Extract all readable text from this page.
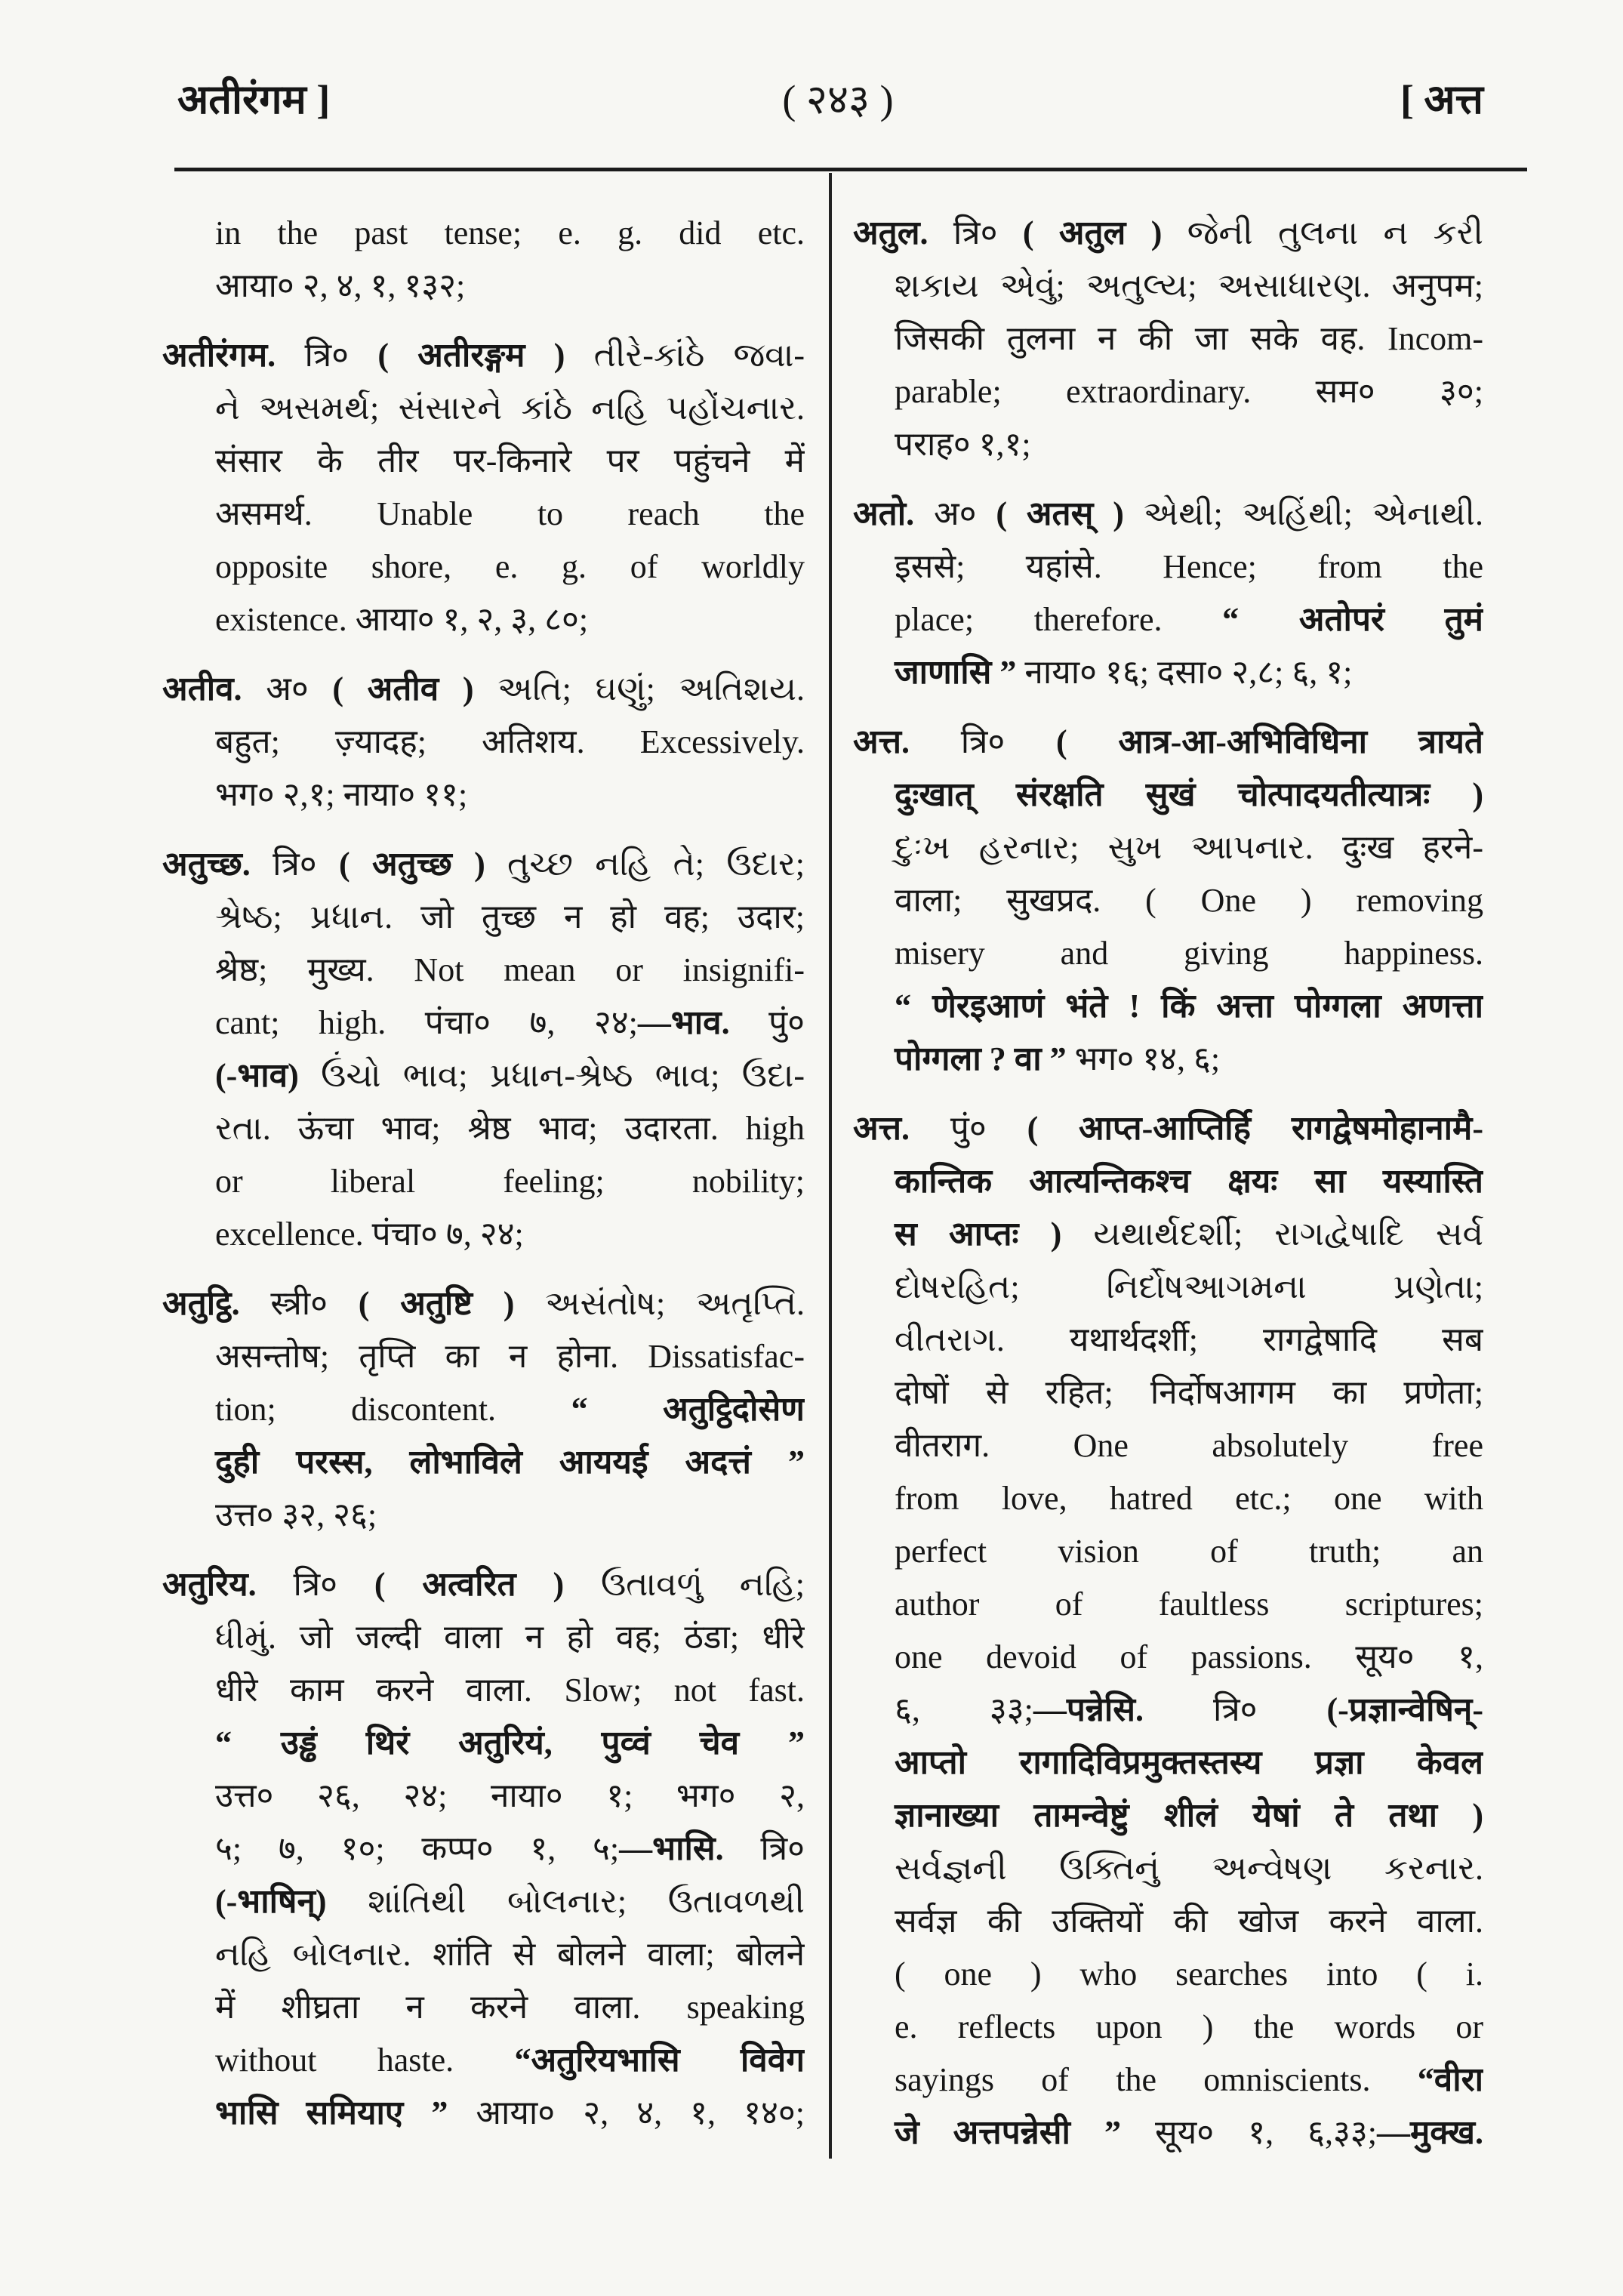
अतीरंगम ]	( २४३ )	[ अत्त
in the past tense; e. g. did etc.
आया० २, ४, १, १३२;
अतीरंगम. त्रि० ( अतीरङ्गम ) તીરે-કાંઠે જવા-
ને અસમર્થ; સંસારને કાંઠે નહિ પહોંચનાર.
संसार के तीर पर-किनारे पर पहुंचने में
असमर्थ. Unable to reach the
opposite shore, e. g. of worldly
existence. आया० १, २, ३, ८०;
अतीव. अ० ( अतीव ) અતિ; ઘણું; અતિશય.
बहुत; ज़्यादह; अतिशय. Excessively.
भग० २,१; नाया० ११;
अतुच्छ. त्रि० ( अतुच्छ ) તુચ્છ નહિ તે; ઉદાર;
શ્રેષ્ઠ; પ્રધાન. जो तुच्छ न हो वह; उदार;
श्रेष्ठ; मुख्य. Not mean or insignifi-
cant; high. पंचा० ७, २४;—भाव. पुं०
(-भाव) ઉંચો ભાવ; પ્રધાન-શ્રેષ્ઠ ભાવ; ઉદા-
રતા. ऊंचा भाव; श्रेष्ठ भाव; उदारता. high
or liberal feeling; nobility;
excellence. पंचा० ७, २४;
अतुट्ठि. स्त्री० ( अतुष्टि ) અસંતોષ; અતૃપ્તિ.
असन्तोष; तृप्ति का न होना. Dissatisfac-
tion; discontent. “ अतुट्ठिदोसेण
दुही परस्स, लोभाविले आययई अदत्तं ”
उत्त० ३२, २६;
अतुरिय. त्रि० ( अत्वरित ) ઉતાવળું નહિ;
ધીમું. जो जल्दी वाला न हो वह; ठंडा; धीरे
धीरे काम करने वाला. Slow; not fast.
“ उड्ढं थिरं अतुरियं, पुव्वं चेव ”
उत्त० २६, २४; नाया० १; भग० २,
५; ७, १०; कप्प० १, ५;—भासि. त्रि०
(-भाषिन्) શાંતિથી બોલનાર; ઉતાવળથી
નહિ બોલનાર. शांति से बोलने वाला; बोलने
में शीघ्रता न करने वाला. speaking
without haste. “अतुरियभासि विवेग
भासि समियाए ” आया० २, ४, १, १४०;
अतुल. त्रि० ( अतुल ) જેની તુલના ન કરી
શકાય એવું; અતુલ્ય; અસાધારણ. अनुपम;
जिसकी तुलना न की जा सके वह. Incom-
parable; extraordinary. सम० ३०;
पराह० १,१;
अतो. अ० ( अतस् ) એથી; અહિંથી; એનાથી.
इससे; यहांसे. Hence; from the
place; therefore. “ अतोपरं तुमं
जाणासि ” नाया० १६; दसा० २,८; ६, १;
अत्त. त्रि० ( आत्र-आ-अभिविधिना त्रायते
दुःखात् संरक्षति सुखं चोत्पादयतीत्यात्रः )
દુઃખ હરનાર; સુખ આપનાર. दुःख हरने-
वाला; सुखप्रद. ( One ) removing
misery and giving happiness.
“ णेरइआणं भंते ! किं अत्ता पोग्गला अणत्ता
पोग्गला ? वा ” भग० १४, ६;
अत्त. पुं० ( आप्त-आप्तिर्हि रागद्वेषमोहानामै-
कान्तिक आत्यन्तिकश्च क्षयः सा यस्यास्ति
स आप्तः ) યથાર્થદર્શી; રાગદ્વેષાદિ સર્વ
દોષરહિત; નિર્દોષઆગમના પ્રણેતા;
વીતરાગ. यथार्थदर्शी; रागद्वेषादि सब
दोषों से रहित; निर्दोषआगम का प्रणेता;
वीतराग.	One absolutely free
from love, hatred etc.; one with
perfect vision of truth; an
author of faultless scriptures;
one devoid of passions. सूय० १,
६, ३३;—पन्नेसि. त्रि० (-प्रज्ञान्वेषिन्-
आप्तो रागादिविप्रमुक्तस्तस्य प्रज्ञा केवल
ज्ञानाख्या तामन्वेष्टुं शीलं येषां ते तथा )
સર્વજ્ઞની ઉક્તિનું અન્વેષણ કરનાર.
सर्वज्ञ की उक्तियों की खोज करने वाला.
( one ) who searches into ( i.
e. reflects upon ) the words or
sayings of the omniscients. “वीरा
जे अत्तपन्नेसी ” सूय० १, ६,३३;—मुक्ख.
